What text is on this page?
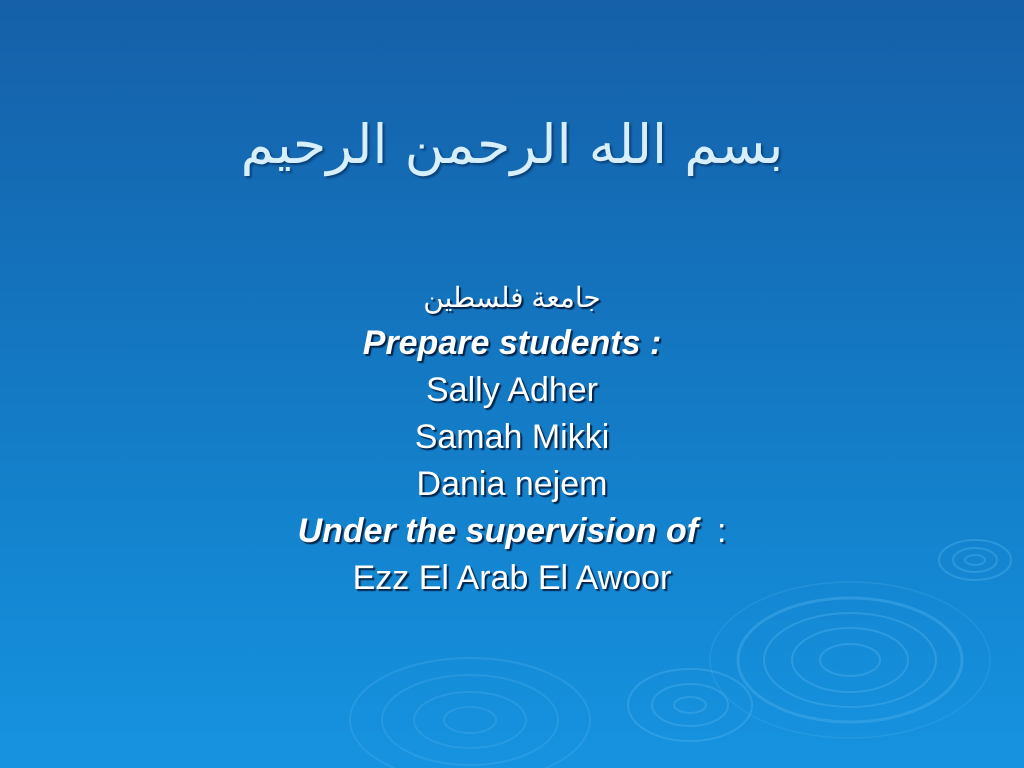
بسم الله الرحمن الرحيم
جامعة فلسطين
Prepare students :
Sally Adher
Samah Mikki
Dania nejem
Under the supervision of :
Ezz El Arab El Awoor
